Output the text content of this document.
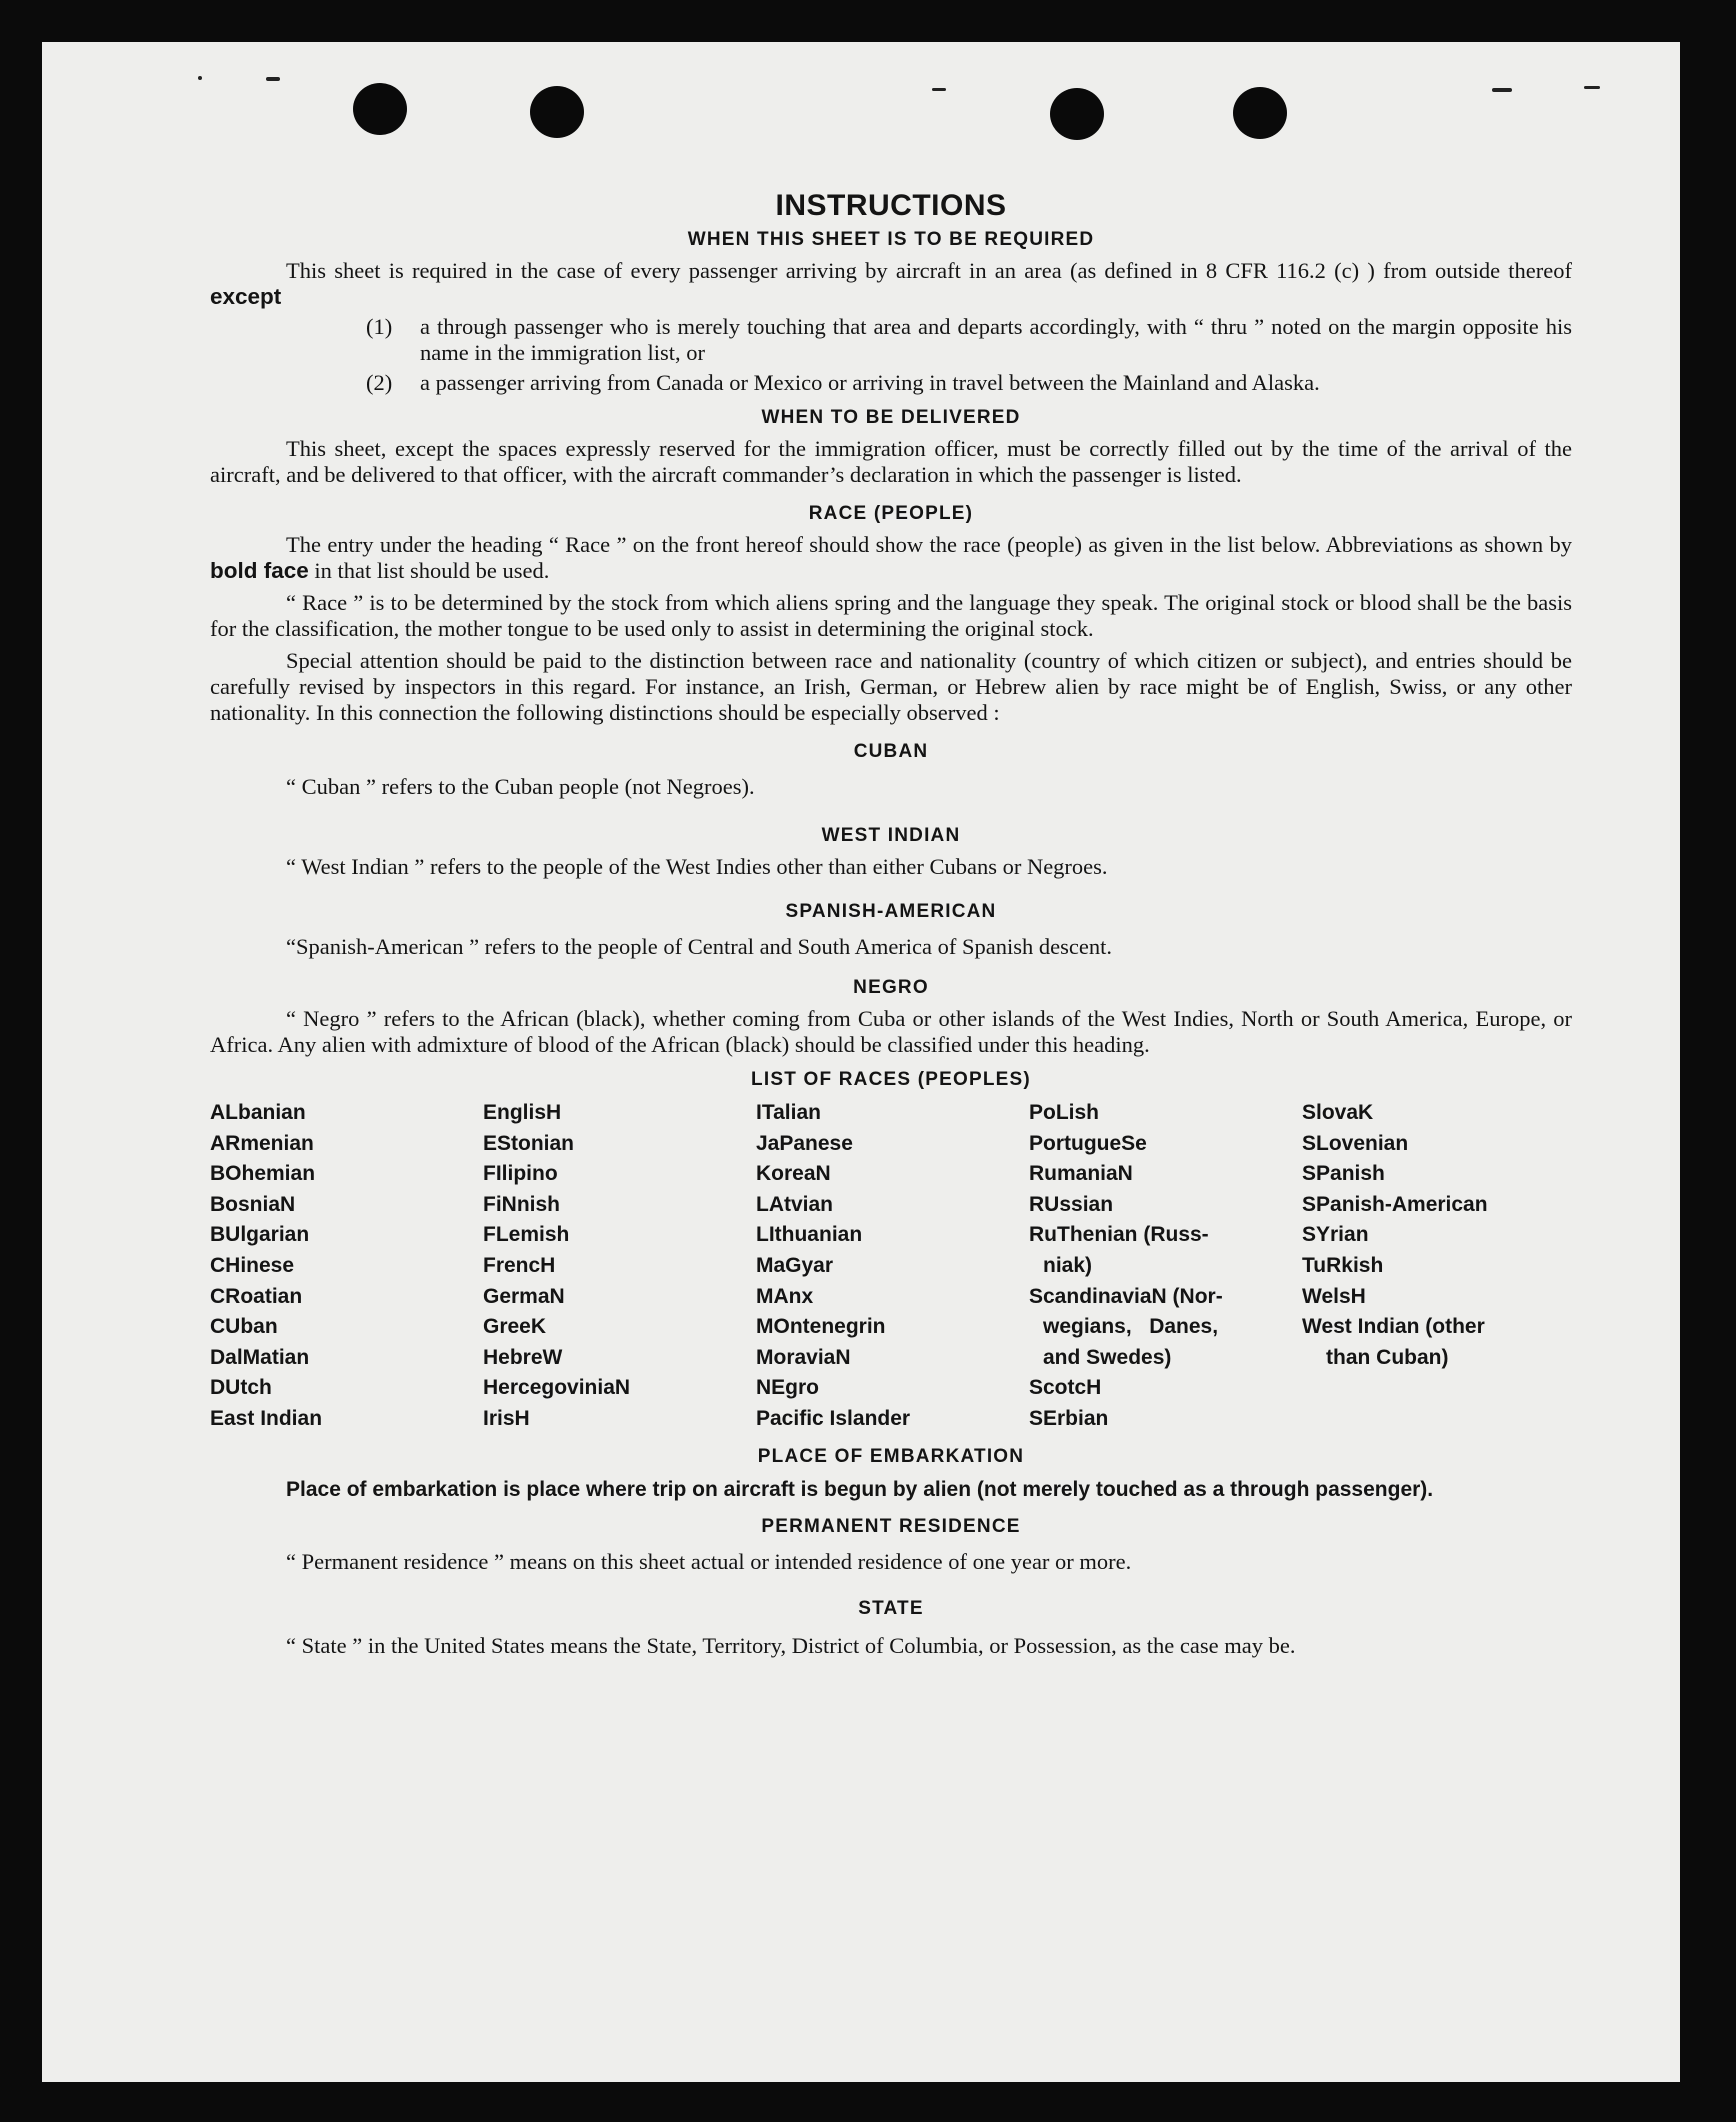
INSTRUCTIONS
WHEN THIS SHEET IS TO BE REQUIRED

This sheet is required in the case of every passenger arriving by aircraft in an area (as defined in 8 CFR 116.2 (c) ) from outside thereof except

(1)	a through passenger who is merely touching that area and departs accordingly, with “ thru ” noted on the margin opposite his name in the immigration list, or
(2)	a passenger arriving from Canada or Mexico or arriving in travel between the Mainland and Alaska.
WHEN TO BE DELIVERED

This sheet, except the spaces expressly reserved for the immigration officer, must be correctly filled out by the time of the arrival of the aircraft, and be delivered to that officer, with the aircraft commander’s declaration in which the passenger is listed.

RACE (PEOPLE)

The entry under the heading “ Race ” on the front hereof should show the race (people) as given in the list below. Abbreviations as shown by bold face in that list should be used.

“ Race ” is to be determined by the stock from which aliens spring and the language they speak. The original stock or blood shall be the basis for the classification, the mother tongue to be used only to assist in determining the original stock.

Special attention should be paid to the distinction between race and nationality (country of which citizen or subject), and entries should be carefully revised by inspectors in this regard. For instance, an Irish, German, or Hebrew alien by race might be of English, Swiss, or any other nationality. In this connection the following distinctions should be especially observed :

CUBAN

“ Cuban ” refers to the Cuban people (not Negroes).

WEST INDIAN

“ West Indian ” refers to the people of the West Indies other than either Cubans or Negroes.

SPANISH-AMERICAN

“Spanish-American ” refers to the people of Central and South America of Spanish descent.

NEGRO

“ Negro ” refers to the African (black), whether coming from Cuba or other islands of the West Indies, North or South America, Europe, or Africa. Any alien with admixture of blood of the African (black) should be classified under this heading.

LIST OF RACES (PEOPLES)
ALbanian
ARmenian
BOhemian
BosniaN
BUlgarian
CHinese
CRoatian
CUban
DalMatian
DUtch
East Indian
EnglisH
EStonian
FIlipino
FiNnish
FLemish
FrencH
GermaN
GreeK
HebreW
HercegoviniaN
IrisH
ITalian
JaPanese
KoreaN
LAtvian
LIthuanian
MaGyar
MAnx
MOntenegrin
MoraviaN
NEgro
Pacific Islander
PoLish
PortugueSe
RumaniaN
RUssian
RuThenian (Russ-
niak)
ScandinaviaN (Nor-
wegians,   Danes,
and Swedes)
ScotcH
SErbian
SlovaK
SLovenian
SPanish
SPanish-American
SYrian
TuRkish
WelsH
West Indian (other
than Cuban)
PLACE OF EMBARKATION

Place of embarkation is place where trip on aircraft is begun by alien (not merely touched as a through passenger).

PERMANENT RESIDENCE

“ Permanent residence ” means on this sheet actual or intended residence of one year or more.

STATE

“ State ” in the United States means the State, Territory, District of Columbia, or Possession, as the case may be.
